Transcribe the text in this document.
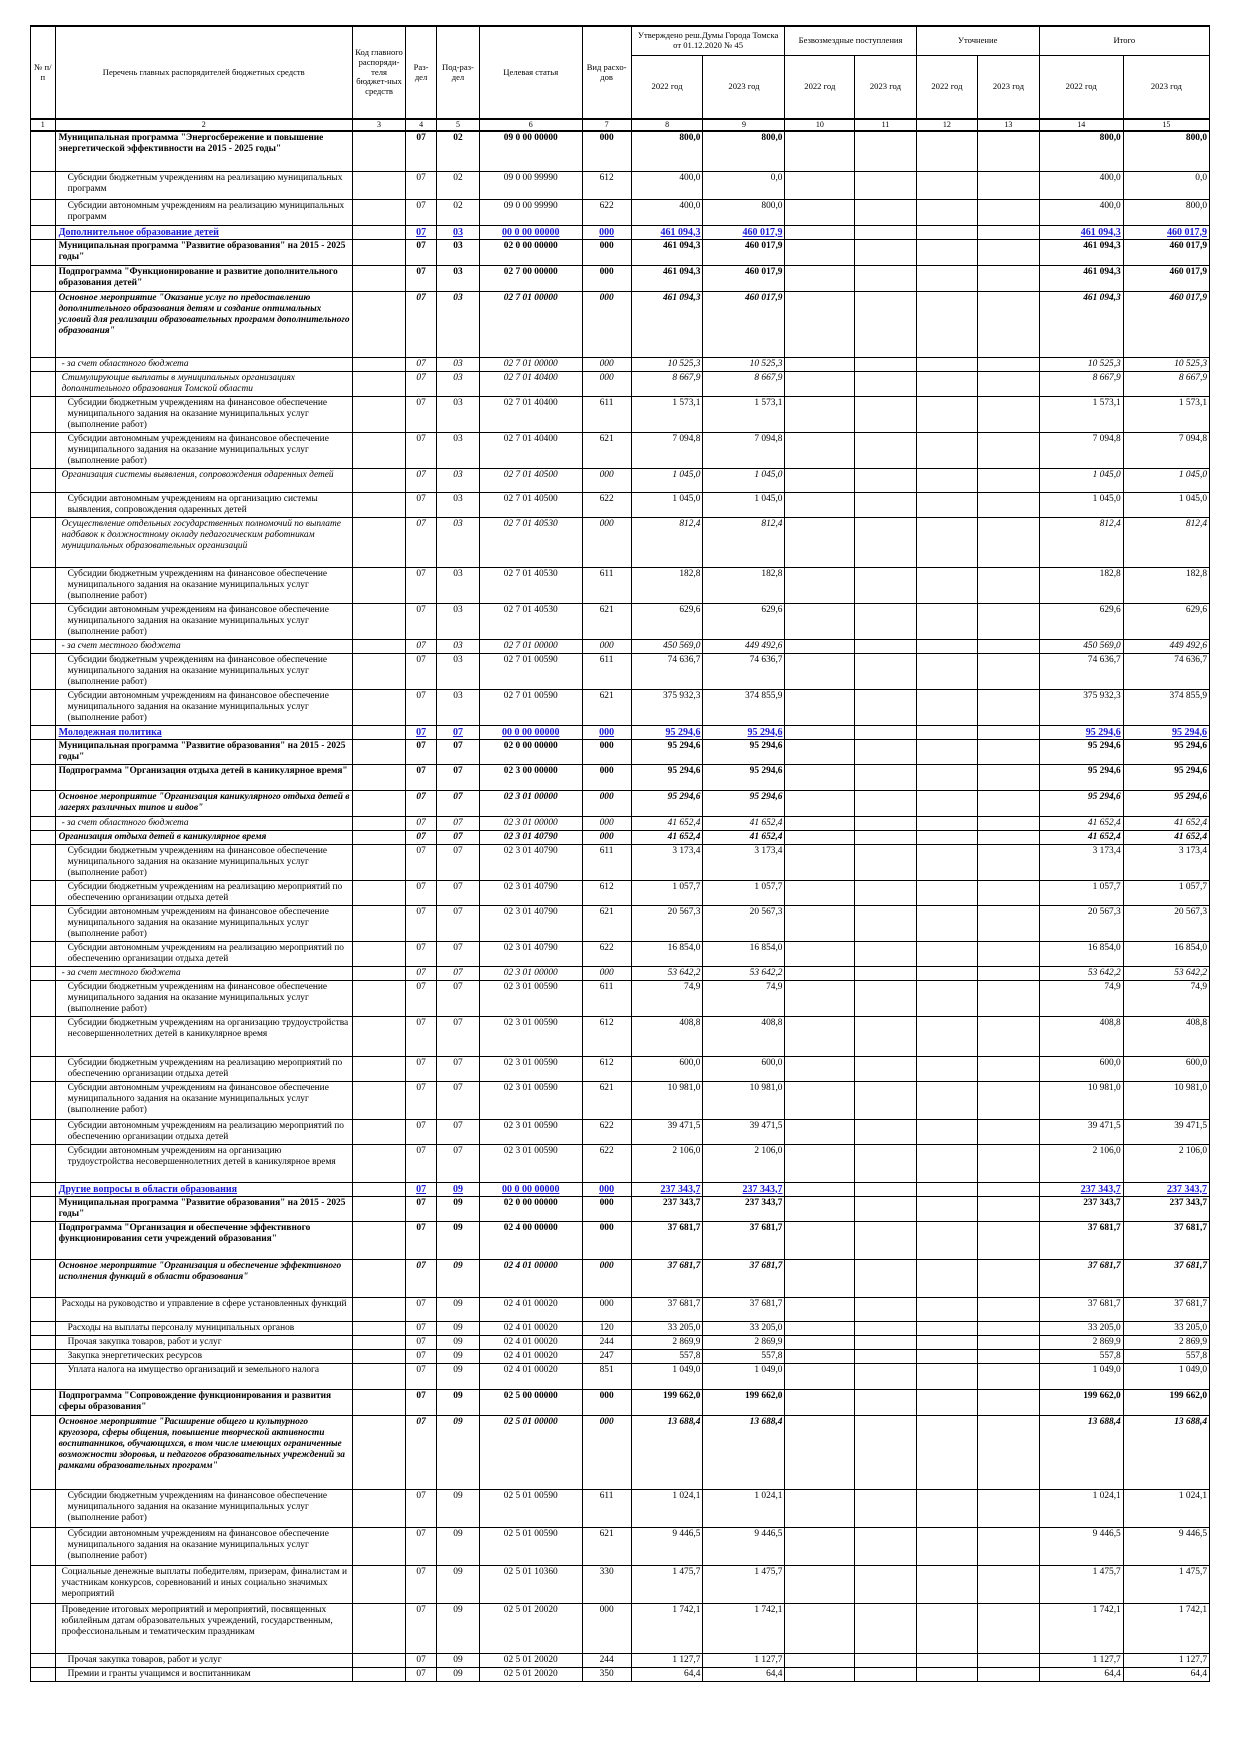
№ п/п	Перечень главных распорядителей бюджетных средств	Код главного распоряди-теля бюджет-ных средств	Раз-дел	Под-раз-дел	Целевая статья	Вид расхо-дов	Утверждено реш.Думы Города Томска от 01.12.2020 № 45		Безвозмездные поступления		Уточнение		Итого	
							2022 год	2023 год	2022 год	2023 год	2022 год	2023 год	2022 год	2023 год
1	2	3	4	5	6	7	8	9	10	11	12	13	14	15
	Муниципальная программа "Энергосбережение и повышение энергетической эффективности на 2015 - 2025 годы"		07	02	09 0 00 00000	000	800,0	800,0					800,0	800,0
	Субсидии бюджетным учреждениям на реализацию муниципальных программ		07	02	09 0 00 99990	612	400,0	0,0					400,0	0,0
	Субсидии автономным учреждениям на реализацию муниципальных программ		07	02	09 0 00 99990	622	400,0	800,0					400,0	800,0
	Дополнительное образование детей		07	03	00 0 00 00000	000	461 094,3	460 017,9					461 094,3	460 017,9
	Муниципальная программа "Развитие образования" на 2015 - 2025 годы"		07	03	02 0 00 00000	000	461 094,3	460 017,9					461 094,3	460 017,9
	Подпрограмма "Функционирование и развитие дополнительного образования детей"		07	03	02 7 00 00000	000	461 094,3	460 017,9					461 094,3	460 017,9
	Основное мероприятие "Оказание услуг по предоставлению дополнительного образования детям и создание оптимальных условий для реализации образовательных программ дополнительного образования"		07	03	02 7 01 00000	000	461 094,3	460 017,9					461 094,3	460 017,9
	- за счет областного бюджета		07	03	02 7 01 00000	000	10 525,3	10 525,3					10 525,3	10 525,3
	Стимулирующие выплаты в муниципальных организациях дополнительного образования Томской области		07	03	02 7 01 40400	000	8 667,9	8 667,9					8 667,9	8 667,9
	Субсидии бюджетным учреждениям на финансовое обеспечение муниципального задания на оказание муниципальных услуг (выполнение работ)		07	03	02 7 01 40400	611	1 573,1	1 573,1					1 573,1	1 573,1
	Субсидии автономным учреждениям на финансовое обеспечение муниципального задания на оказание муниципальных услуг (выполнение работ)		07	03	02 7 01 40400	621	7 094,8	7 094,8					7 094,8	7 094,8
	Организация системы выявления, сопровождения одаренных детей		07	03	02 7 01 40500	000	1 045,0	1 045,0					1 045,0	1 045,0
	Субсидии автономным учреждениям на организацию системы выявления, сопровождения одаренных детей		07	03	02 7 01 40500	622	1 045,0	1 045,0					1 045,0	1 045,0
	Осуществление отдельных государственных полномочий по выплате надбавок к должностному окладу педагогическим работникам муниципальных образовательных организаций		07	03	02 7 01 40530	000	812,4	812,4					812,4	812,4
	Субсидии бюджетным учреждениям на финансовое обеспечение муниципального задания на оказание муниципальных услуг (выполнение работ)		07	03	02 7 01 40530	611	182,8	182,8					182,8	182,8
	Субсидии автономным учреждениям на финансовое обеспечение муниципального задания на оказание муниципальных услуг (выполнение работ)		07	03	02 7 01 40530	621	629,6	629,6					629,6	629,6
	- за счет местного бюджета		07	03	02 7 01 00000	000	450 569,0	449 492,6					450 569,0	449 492,6
	Субсидии бюджетным учреждениям на финансовое обеспечение муниципального задания на оказание муниципальных услуг (выполнение работ)		07	03	02 7 01 00590	611	74 636,7	74 636,7					74 636,7	74 636,7
	Субсидии автономным учреждениям на финансовое обеспечение муниципального задания на оказание муниципальных услуг (выполнение работ)		07	03	02 7 01 00590	621	375 932,3	374 855,9					375 932,3	374 855,9
	Молодежная политика		07	07	00 0 00 00000	000	95 294,6	95 294,6					95 294,6	95 294,6
	Муниципальная программа "Развитие образования" на 2015 - 2025 годы"		07	07	02 0 00 00000	000	95 294,6	95 294,6					95 294,6	95 294,6
	Подпрограмма "Организация отдыха детей в каникулярное время"		07	07	02 3 00 00000	000	95 294,6	95 294,6					95 294,6	95 294,6
	Основное мероприятие "Организация каникулярного отдыха детей в лагерях различных типов и видов"		07	07	02 3 01 00000	000	95 294,6	95 294,6					95 294,6	95 294,6
	- за счет областного бюджета		07	07	02 3 01 00000	000	41 652,4	41 652,4					41 652,4	41 652,4
	Организация отдыха детей в каникулярное время		07	07	02 3 01 40790	000	41 652,4	41 652,4					41 652,4	41 652,4
	Субсидии бюджетным учреждениям на финансовое обеспечение муниципального задания на оказание муниципальных услуг (выполнение работ)		07	07	02 3 01 40790	611	3 173,4	3 173,4					3 173,4	3 173,4
	Субсидии бюджетным учреждениям на реализацию мероприятий по обеспечению организации отдыха детей		07	07	02 3 01 40790	612	1 057,7	1 057,7					1 057,7	1 057,7
	Субсидии автономным учреждениям на финансовое обеспечение муниципального задания на оказание муниципальных услуг (выполнение работ)		07	07	02 3 01 40790	621	20 567,3	20 567,3					20 567,3	20 567,3
	Субсидии автономным учреждениям на реализацию мероприятий по обеспечению организации отдыха детей		07	07	02 3 01 40790	622	16 854,0	16 854,0					16 854,0	16 854,0
	- за счет местного бюджета		07	07	02 3 01 00000	000	53 642,2	53 642,2					53 642,2	53 642,2
	Субсидии бюджетным учреждениям на финансовое обеспечение муниципального задания на оказание муниципальных услуг (выполнение работ)		07	07	02 3 01 00590	611	74,9	74,9					74,9	74,9
	Субсидии бюджетным учреждениям на организацию трудоустройства несовершеннолетних детей в каникулярное время		07	07	02 3 01 00590	612	408,8	408,8					408,8	408,8
	Субсидии бюджетным учреждениям на реализацию мероприятий по обеспечению организации отдыха детей		07	07	02 3 01 00590	612	600,0	600,0					600,0	600,0
	Субсидии автономным учреждениям на финансовое обеспечение муниципального задания на оказание муниципальных услуг (выполнение работ)		07	07	02 3 01 00590	621	10 981,0	10 981,0					10 981,0	10 981,0
	Субсидии автономным учреждениям на реализацию мероприятий по обеспечению организации отдыха детей		07	07	02 3 01 00590	622	39 471,5	39 471,5					39 471,5	39 471,5
	Субсидии автономным учреждениям на организацию трудоустройства несовершеннолетних детей в каникулярное время		07	07	02 3 01 00590	622	2 106,0	2 106,0					2 106,0	2 106,0
	Другие вопросы в области образования		07	09	00 0 00 00000	000	237 343,7	237 343,7					237 343,7	237 343,7
	Муниципальная программа "Развитие образования" на 2015 - 2025 годы"		07	09	02 0 00 00000	000	237 343,7	237 343,7					237 343,7	237 343,7
	Подпрограмма "Организация и обеспечение эффективного функционирования сети учреждений образования"		07	09	02 4 00 00000	000	37 681,7	37 681,7					37 681,7	37 681,7
	Основное мероприятие "Организация и обеспечение эффективного исполнения функций в области образования"		07	09	02 4 01 00000	000	37 681,7	37 681,7					37 681,7	37 681,7
	Расходы на руководство и управление в сфере установленных функций		07	09	02 4 01 00020	000	37 681,7	37 681,7					37 681,7	37 681,7
	Расходы на выплаты персоналу муниципальных органов		07	09	02 4 01 00020	120	33 205,0	33 205,0					33 205,0	33 205,0
	Прочая закупка товаров, работ и услуг		07	09	02 4 01 00020	244	2 869,9	2 869,9					2 869,9	2 869,9
	Закупка энергетических ресурсов		07	09	02 4 01 00020	247	557,8	557,8					557,8	557,8
	Уплата налога на имущество организаций и земельного налога		07	09	02 4 01 00020	851	1 049,0	1 049,0					1 049,0	1 049,0
	Подпрограмма "Сопровождение функционирования и развития сферы образования"		07	09	02 5 00 00000	000	199 662,0	199 662,0					199 662,0	199 662,0
	Основное мероприятие "Расширение общего и культурного кругозора, сферы общения, повышение творческой активности воспитанников, обучающихся, в том числе имеющих ограниченные возможности здоровья, и педагогов образовательных учреждений за рамками образовательных программ"		07	09	02 5 01 00000	000	13 688,4	13 688,4					13 688,4	13 688,4
	Субсидии бюджетным учреждениям на финансовое обеспечение муниципального задания на оказание муниципальных услуг (выполнение работ)		07	09	02 5 01 00590	611	1 024,1	1 024,1					1 024,1	1 024,1
	Субсидии автономным учреждениям на финансовое обеспечение муниципального задания на оказание муниципальных услуг (выполнение работ)		07	09	02 5 01 00590	621	9 446,5	9 446,5					9 446,5	9 446,5
	Социальные денежные выплаты победителям, призерам, финалистам и участникам конкурсов, соревнований и иных социально значимых мероприятий		07	09	02 5 01 10360	330	1 475,7	1 475,7					1 475,7	1 475,7
	Проведение итоговых мероприятий и мероприятий, посвященных юбилейным датам образовательных учреждений, государственным, профессиональным и тематическим праздникам		07	09	02 5 01 20020	000	1 742,1	1 742,1					1 742,1	1 742,1
	Прочая закупка товаров, работ и услуг		07	09	02 5 01 20020	244	1 127,7	1 127,7					1 127,7	1 127,7
	Премии и гранты учащимся и воспитанникам		07	09	02 5 01 20020	350	64,4	64,4					64,4	64,4
